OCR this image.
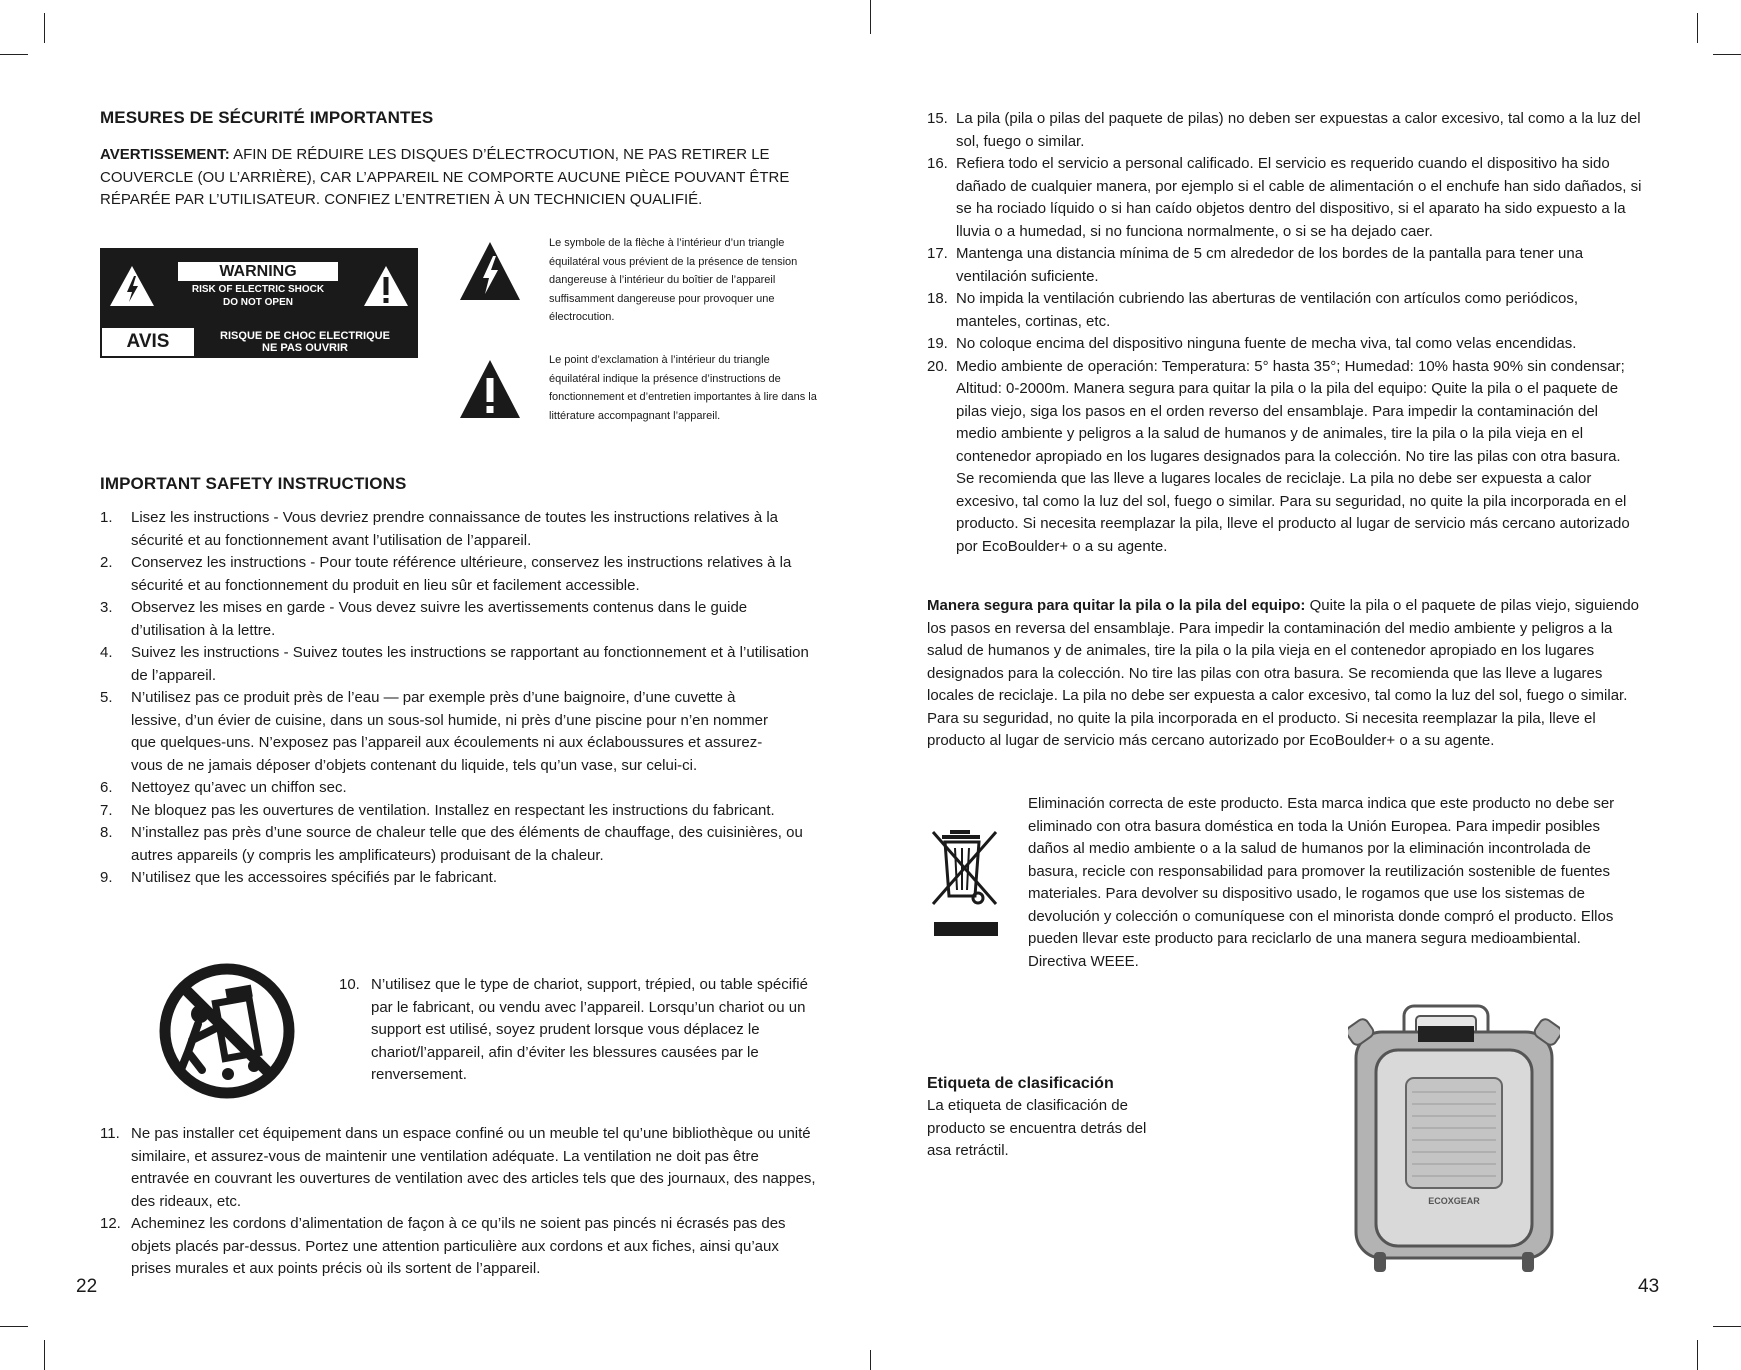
MESURES DE SÉCURITÉ IMPORTANTES
AVERTISSEMENT: AFIN DE RÉDUIRE LES DISQUES D’ÉLECTROCUTION, NE PAS RETIRER LE COUVERCLE (OU L’ARRIÈRE), CAR L’APPAREIL NE COMPORTE AUCUNE PIÈCE POUVANT ÊTRE RÉPARÉE PAR L’UTILISATEUR. CONFIEZ L’ENTRETIEN À UN TECHNICIEN QUALIFIÉ.
WARNING
RISK OF ELECTRIC SHOCK
DO NOT OPEN
AVIS	RISQUE DE CHOC ELECTRIQUE
NE PAS OUVRIR
Le symbole de la flèche à l’intérieur d’un triangle équilatéral vous prévient de la présence de tension dangereuse à l’intérieur du boîtier de l’appareil suffisamment dangereuse pour provoquer une électrocution.
Le point d’exclamation à l’intérieur du triangle équilatéral indique la présence d’instructions de fonctionnement et d’entretien importantes à lire dans la littérature accompagnant l’appareil.
IMPORTANT SAFETY INSTRUCTIONS
1. Lisez les instructions - Vous devriez prendre connaissance de toutes les instructions relatives à la sécurité et au fonctionnement avant l’utilisation de l’appareil.
2. Conservez les instructions - Pour toute référence ultérieure, conservez les instructions relatives à la sécurité et au fonctionnement du produit en lieu sûr et facilement accessible.
3. Observez les mises en garde - Vous devez suivre les avertissements contenus dans le guide d’utilisation à la lettre.
4. Suivez les instructions - Suivez toutes les instructions se rapportant au fonctionnement et à l’utilisation de l’appareil.
5. N’utilisez pas ce produit près de l’eau — par exemple près d’une baignoire, d’une cuvette à lessive, d’un évier de cuisine, dans un sous-sol humide, ni près d’une piscine pour n’en nommer que quelques-uns. N’exposez pas l’appareil aux écoulements ni aux éclaboussures et assurez-vous de ne jamais déposer d’objets contenant du liquide, tels qu’un vase, sur celui-ci.
6. Nettoyez qu’avec un chiffon sec.
7. Ne bloquez pas les ouvertures de ventilation. Installez en respectant les instructions du fabricant.
8. N’installez pas près d’une source de chaleur telle que des éléments de chauffage, des cuisinières, ou autres appareils (y compris les amplificateurs) produisant de la chaleur.
9. N’utilisez que les accessoires spécifiés par le fabricant.
10. N’utilisez que le type de chariot, support, trépied, ou table spécifié par le fabricant, ou vendu avec l’appareil. Lorsqu’un chariot ou un support est utilisé, soyez prudent lorsque vous déplacez le chariot/l’appareil, afin d’éviter les blessures causées par le renversement.
11. Ne pas installer cet équipement dans un espace confiné ou un meuble tel qu’une bibliothèque ou unité similaire, et assurez-vous de maintenir une ventilation adéquate. La ventilation ne doit pas être entravée en couvrant les ouvertures de ventilation avec des articles tels que des journaux, des nappes, des rideaux, etc.
12. Acheminez les cordons d’alimentation de façon à ce qu’ils ne soient pas pincés ni écrasés pas des objets placés par-dessus. Portez une attention particulière aux cordons et aux fiches, ainsi qu’aux prises murales et aux points précis où ils sortent de l’appareil.
22
15. La pila (pila o pilas del paquete de pilas) no deben ser expuestas a calor excesivo, tal como a la luz del sol, fuego o similar.
16. Refiera todo el servicio a personal calificado. El servicio es requerido cuando el dispositivo ha sido dañado de cualquier manera, por ejemplo si el cable de alimentación o el enchufe han sido dañados, si se ha rociado líquido o si han caído objetos dentro del dispositivo, si el aparato ha sido expuesto a la lluvia o a humedad, si no funciona normalmente, o si se ha dejado caer.
17. Mantenga una distancia mínima de 5 cm alrededor de los bordes de la pantalla para tener una ventilación suficiente.
18. No impida la ventilación cubriendo las aberturas de ventilación con artículos como periódicos, manteles, cortinas, etc.
19. No coloque encima del dispositivo ninguna fuente de mecha viva, tal como velas encendidas.
20. Medio ambiente de operación: Temperatura: 5° hasta 35°; Humedad: 10% hasta 90% sin condensar; Altitud: 0-2000m. Manera segura para quitar la pila o la pila del equipo: Quite la pila o el paquete de pilas viejo, siga los pasos en el orden reverso del ensamblaje. Para impedir la contaminación del medio ambiente y peligros a la salud de humanos y de animales, tire la pila o la pila vieja en el contenedor apropiado en los lugares designados para la colección. No tire las pilas con otra basura. Se recomienda que las lleve a lugares locales de reciclaje. La pila no debe ser expuesta a calor excesivo, tal como la luz del sol, fuego o similar. Para su seguridad, no quite la pila incorporada en el producto. Si necesita reemplazar la pila, lleve el producto al lugar de servicio más cercano autorizado por EcoBoulder+ o a su agente.

Manera segura para quitar la pila o la pila del equipo: Quite la pila o el paquete de pilas viejo, siguiendo los pasos en reversa del ensamblaje. Para impedir la contaminación del medio ambiente y peligros a la salud de humanos y de animales, tire la pila o la pila vieja en el contenedor apropiado en los lugares designados para la colección. No tire las pilas con otra basura. Se recomienda que las lleve a lugares locales de reciclaje. La pila no debe ser expuesta a calor excesivo, tal como la luz del sol, fuego o similar. Para su seguridad, no quite la pila incorporada en el producto. Si necesita reemplazar la pila, lleve el producto al lugar de servicio más cercano autorizado por EcoBoulder+ o a su agente.

Eliminación correcta de este producto. Esta marca indica que este producto no debe ser eliminado con otra basura doméstica en toda la Unión Europea. Para impedir posibles daños al medio ambiente o a la salud de humanos por la eliminación incontrolada de basura, recicle con responsabilidad para promover la reutilización sostenible de fuentes materiales. Para devolver su dispositivo usado, le rogamos que use los sistemas de devolución y colección o comuníquese con el minorista donde compró el producto. Ellos pueden llevar este producto para reciclarlo de una manera segura medioambiental. Directiva WEEE.
Etiqueta de clasificación

La etiqueta de clasificación de producto se encuentra detrás del asa retráctil.

ECOXGEAR
43
